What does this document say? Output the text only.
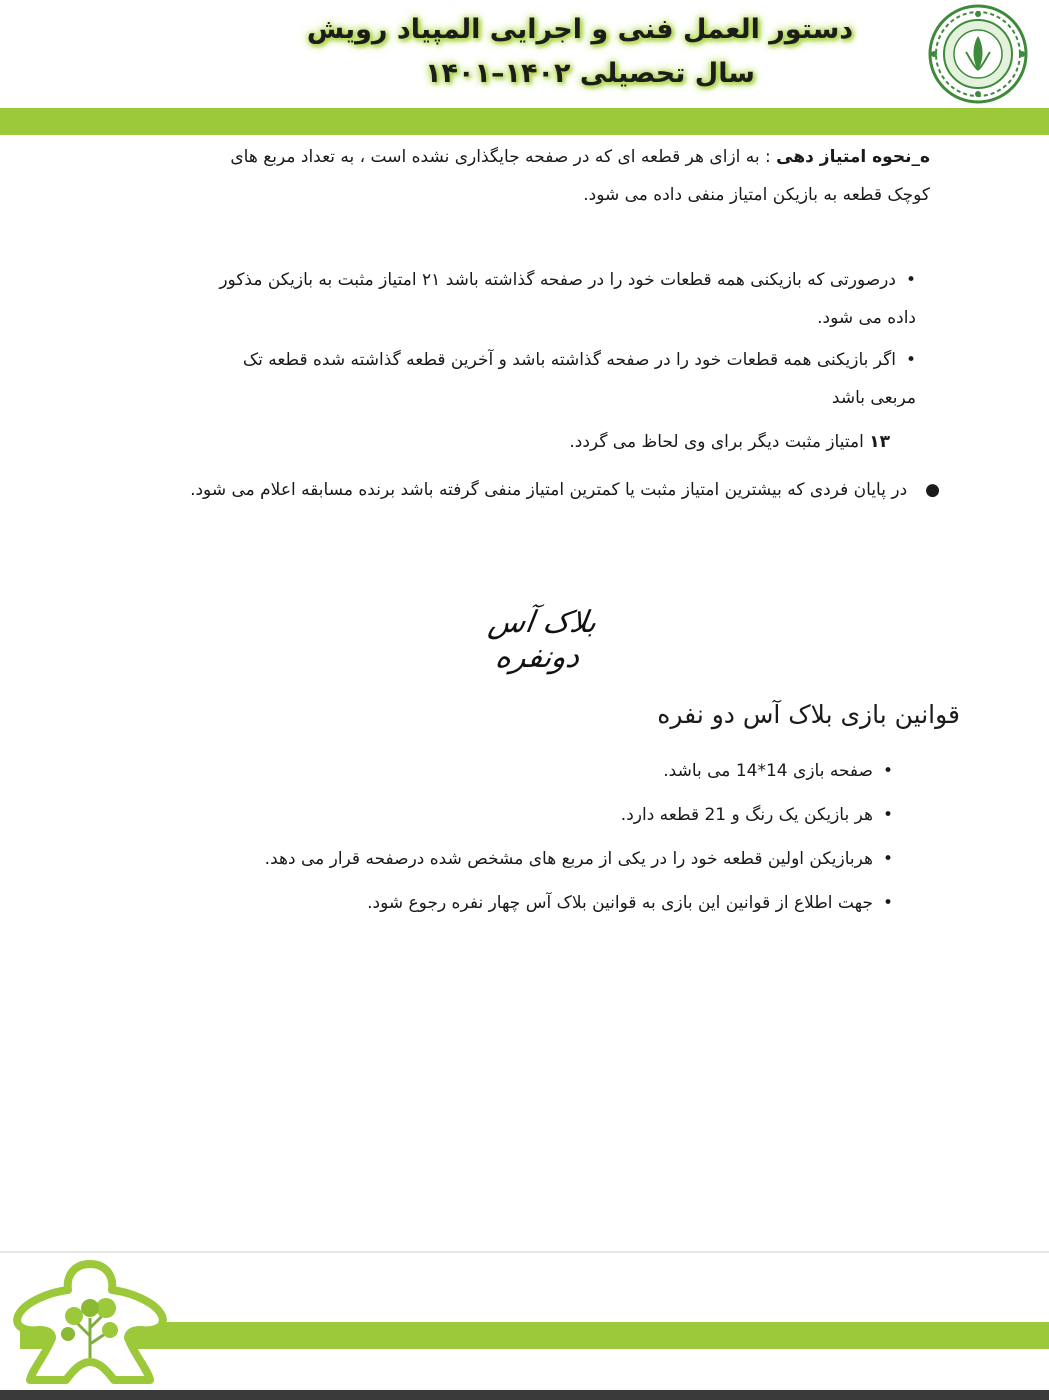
دستور العمل فنی و اجرایی المپیاد رویش
سال تحصیلی ۱۴۰۲–۱۴۰۱
ه_نحوه امتیاز دهی : به ازای هر قطعه ای که در صفحه جایگذاری نشده است ، به تعداد مربع های
کوچک قطعه به بازیکن امتیاز منفی داده می شود.
•درصورتی که بازیکنی همه قطعات خود را در صفحه گذاشته باشد ۲۱ امتیاز مثبت به بازیکن مذکور
داده می شود.
•اگر بازیکنی همه قطعات خود را در صفحه گذاشته باشد و آخرین قطعه گذاشته شده قطعه تک
مربعی باشد
۱۳ امتیاز مثبت دیگر برای وی لحاظ می گردد.
●در پایان فردی که بیشترین امتیاز مثبت یا کمترین امتیاز منفی گرفته باشد برنده مسابقه اعلام می شود.
بلاک آس دونفره
قوانین بازی بلاک آس دو نفره
•صفحه بازی 14*14 می باشد.
•هر بازیکن یک رنگ و 21 قطعه دارد.
•هربازیکن اولین قطعه خود را در یکی از مربع های مشخص شده درصفحه قرار می دهد.
•جهت اطلاع از قوانین این بازی به قوانین بلاک آس چهار نفره رجوع شود.
